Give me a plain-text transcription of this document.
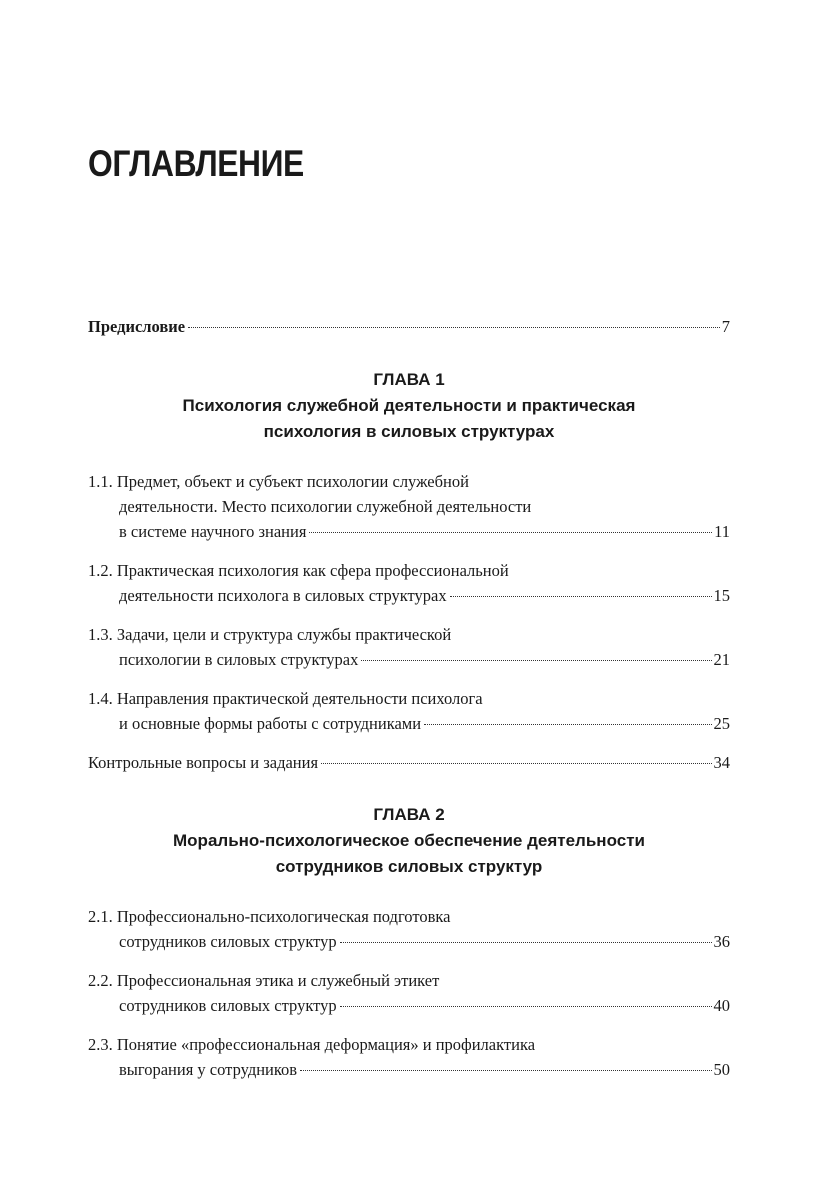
ОГЛАВЛЕНИЕ
Предисловие	7
ГЛАВА 1
Психология служебной деятельности и практическая
психология в силовых структурах
1.1. Предмет, объект и субъект психологии служебной
деятельности. Место психологии служебной деятельности
в системе научного знания	11
1.2. Практическая психология как сфера профессиональной
деятельности психолога в силовых структурах	15
1.3. Задачи, цели и структура службы практической
психологии в силовых структурах	21
1.4. Направления практической деятельности психолога
и основные формы работы с сотрудниками	25
Контрольные вопросы и задания	34
ГЛАВА 2
Морально-психологическое обеспечение деятельности
сотрудников силовых структур
2.1. Профессионально-психологическая подготовка
сотрудников силовых структур	36
2.2. Профессиональная этика и служебный этикет
сотрудников силовых структур	40
2.3. Понятие «профессиональная деформация» и профилактика
выгорания у сотрудников	50
